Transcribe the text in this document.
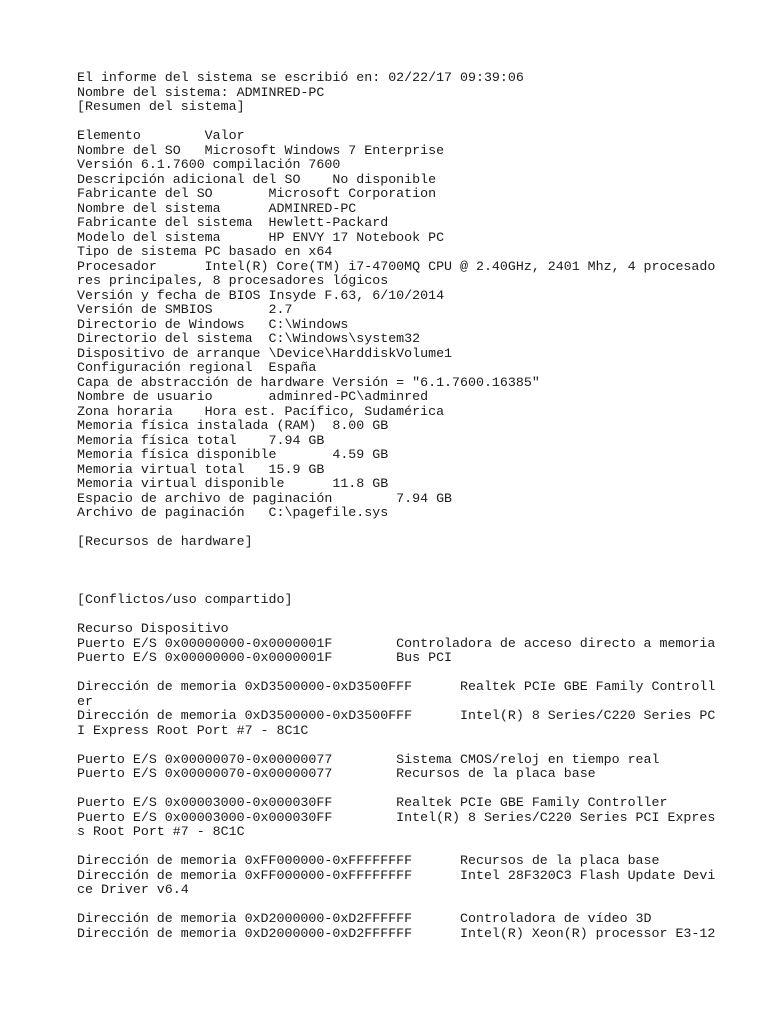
El informe del sistema se escribió en: 02/22/17 09:39:06
Nombre del sistema: ADMINRED-PC
[Resumen del sistema]
Elemento        Valor
Nombre del SO   Microsoft Windows 7 Enterprise
Versión 6.1.7600 compilación 7600
Descripción adicional del SO    No disponible
Fabricante del SO       Microsoft Corporation
Nombre del sistema      ADMINRED-PC
Fabricante del sistema  Hewlett-Packard
Modelo del sistema      HP ENVY 17 Notebook PC
Tipo de sistema PC basado en x64
Procesador      Intel(R) Core(TM) i7-4700MQ CPU @ 2.40GHz, 2401 Mhz, 4 procesado
res principales, 8 procesadores lógicos
Versión y fecha de BIOS Insyde F.63, 6/10/2014
Versión de SMBIOS       2.7
Directorio de Windows   C:\Windows
Directorio del sistema  C:\Windows\system32
Dispositivo de arranque \Device\HarddiskVolume1
Configuración regional  España
Capa de abstracción de hardware Versión = "6.1.7600.16385"
Nombre de usuario       adminred-PC\adminred
Zona horaria    Hora est. Pacífico, Sudamérica
Memoria física instalada (RAM)  8.00 GB
Memoria física total    7.94 GB
Memoria física disponible       4.59 GB
Memoria virtual total   15.9 GB
Memoria virtual disponible      11.8 GB
Espacio de archivo de paginación        7.94 GB
Archivo de paginación   C:\pagefile.sys
[Recursos de hardware]
[Conflictos/uso compartido]
Recurso Dispositivo
Puerto E/S 0x00000000-0x0000001F        Controladora de acceso directo a memoria
Puerto E/S 0x00000000-0x0000001F        Bus PCI
Dirección de memoria 0xD3500000-0xD3500FFF      Realtek PCIe GBE Family Controll
er
Dirección de memoria 0xD3500000-0xD3500FFF      Intel(R) 8 Series/C220 Series PC
I Express Root Port #7 - 8C1C
Puerto E/S 0x00000070-0x00000077        Sistema CMOS/reloj en tiempo real
Puerto E/S 0x00000070-0x00000077        Recursos de la placa base
Puerto E/S 0x00003000-0x000030FF        Realtek PCIe GBE Family Controller
Puerto E/S 0x00003000-0x000030FF        Intel(R) 8 Series/C220 Series PCI Expres
s Root Port #7 - 8C1C
Dirección de memoria 0xFF000000-0xFFFFFFFF      Recursos de la placa base
Dirección de memoria 0xFF000000-0xFFFFFFFF      Intel 28F320C3 Flash Update Devi
ce Driver v6.4
Dirección de memoria 0xD2000000-0xD2FFFFFF      Controladora de vídeo 3D
Dirección de memoria 0xD2000000-0xD2FFFFFF      Intel(R) Xeon(R) processor E3-12
